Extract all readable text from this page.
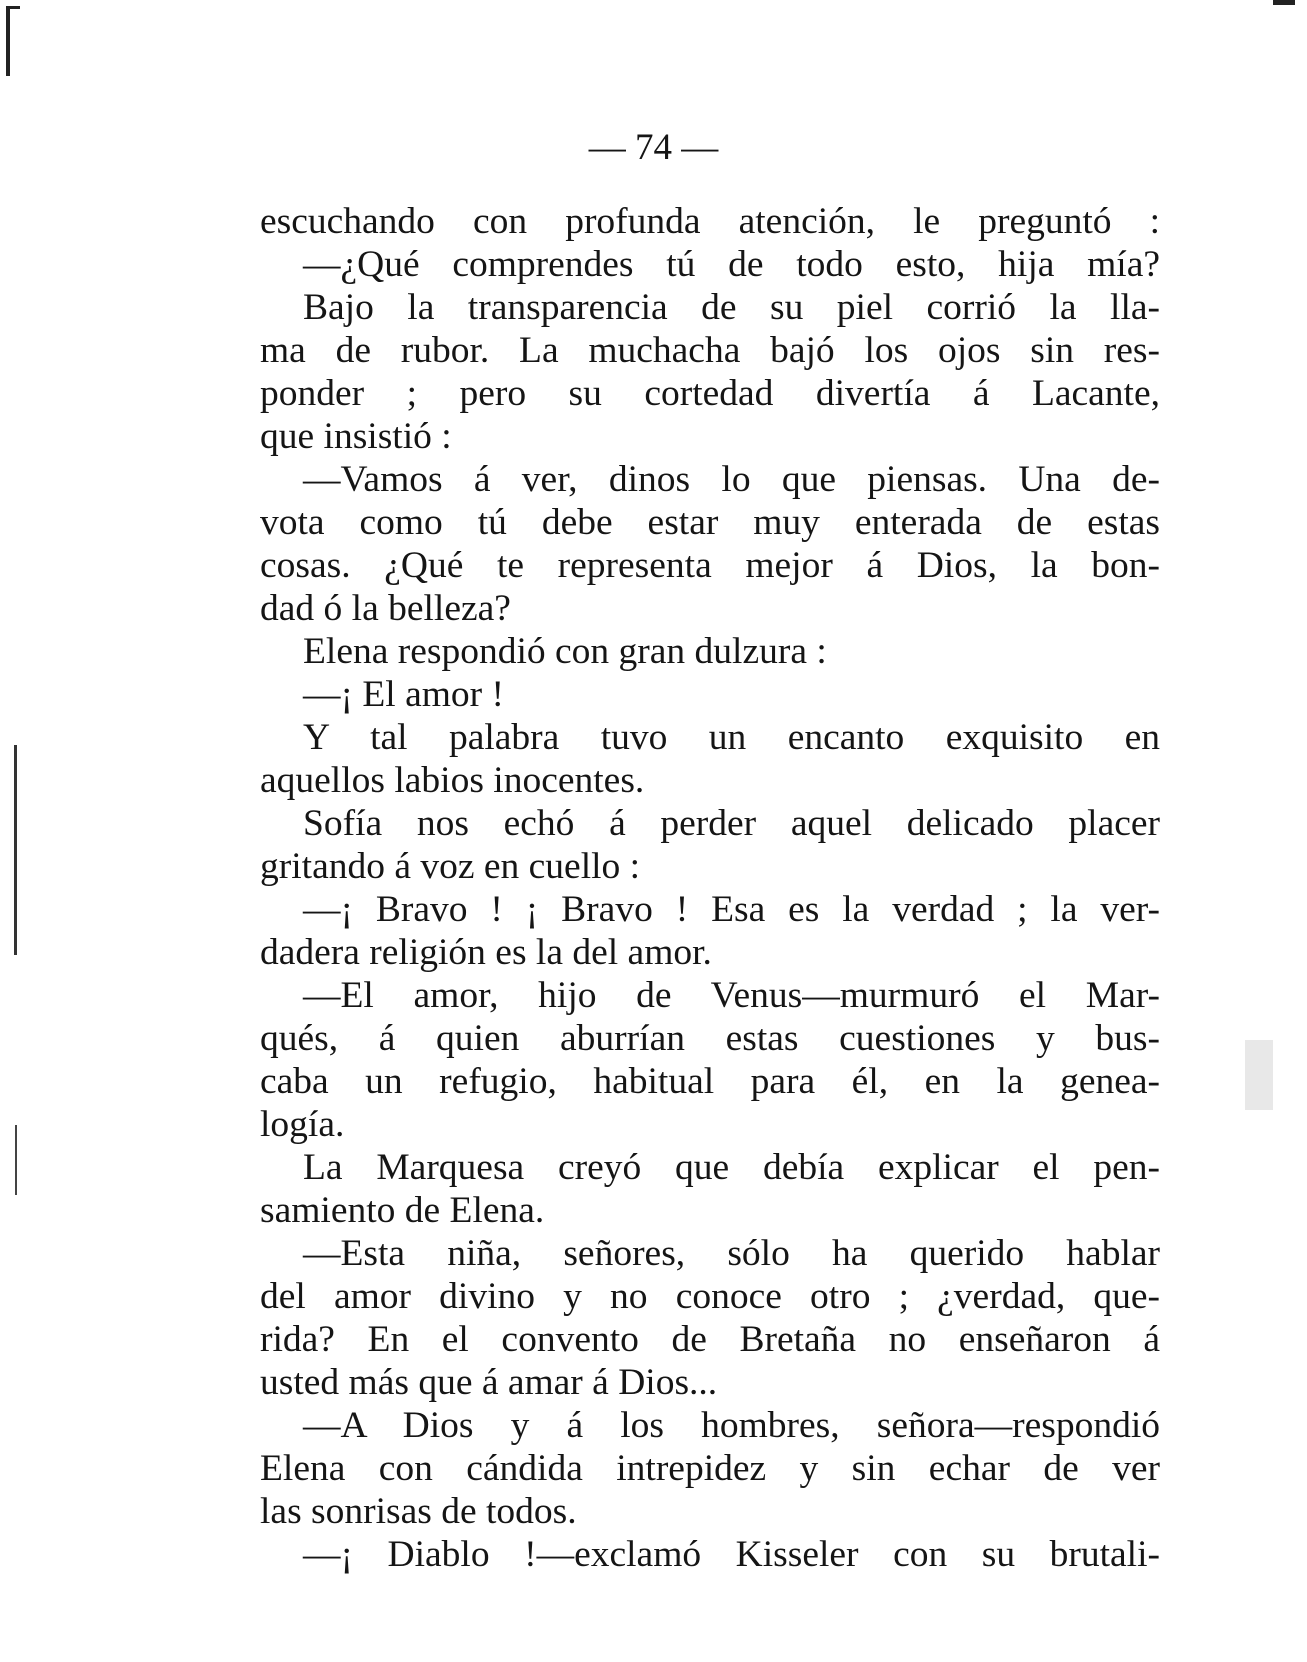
— 74 —
escuchando con profunda atención, le preguntó :
—¿Qué comprendes tú de todo esto, hija mía?
Bajo la transparencia de su piel corrió la lla-
ma de rubor. La muchacha bajó los ojos sin res-
ponder ; pero su cortedad divertía á Lacante,
que insistió :
—Vamos á ver, dinos lo que piensas. Una de-
vota como tú debe estar muy enterada de estas
cosas. ¿Qué te representa mejor á Dios, la bon-
dad ó la belleza?
Elena respondió con gran dulzura :
—¡ El amor !
Y tal palabra tuvo un encanto exquisito en
aquellos labios inocentes.
Sofía nos echó á perder aquel delicado placer
gritando á voz en cuello :
—¡ Bravo ! ¡ Bravo ! Esa es la verdad ; la ver-
dadera religión es la del amor.
—El amor, hijo de Venus—murmuró el Mar-
qués, á quien aburrían estas cuestiones y bus-
caba un refugio, habitual para él, en la genea-
logía.
La Marquesa creyó que debía explicar el pen-
samiento de Elena.
—Esta niña, señores, sólo ha querido hablar
del amor divino y no conoce otro ; ¿verdad, que-
rida? En el convento de Bretaña no enseñaron á
usted más que á amar á Dios...
—A Dios y á los hombres, señora—respondió
Elena con cándida intrepidez y sin echar de ver
las sonrisas de todos.
—¡ Diablo !—exclamó Kisseler con su brutali-
